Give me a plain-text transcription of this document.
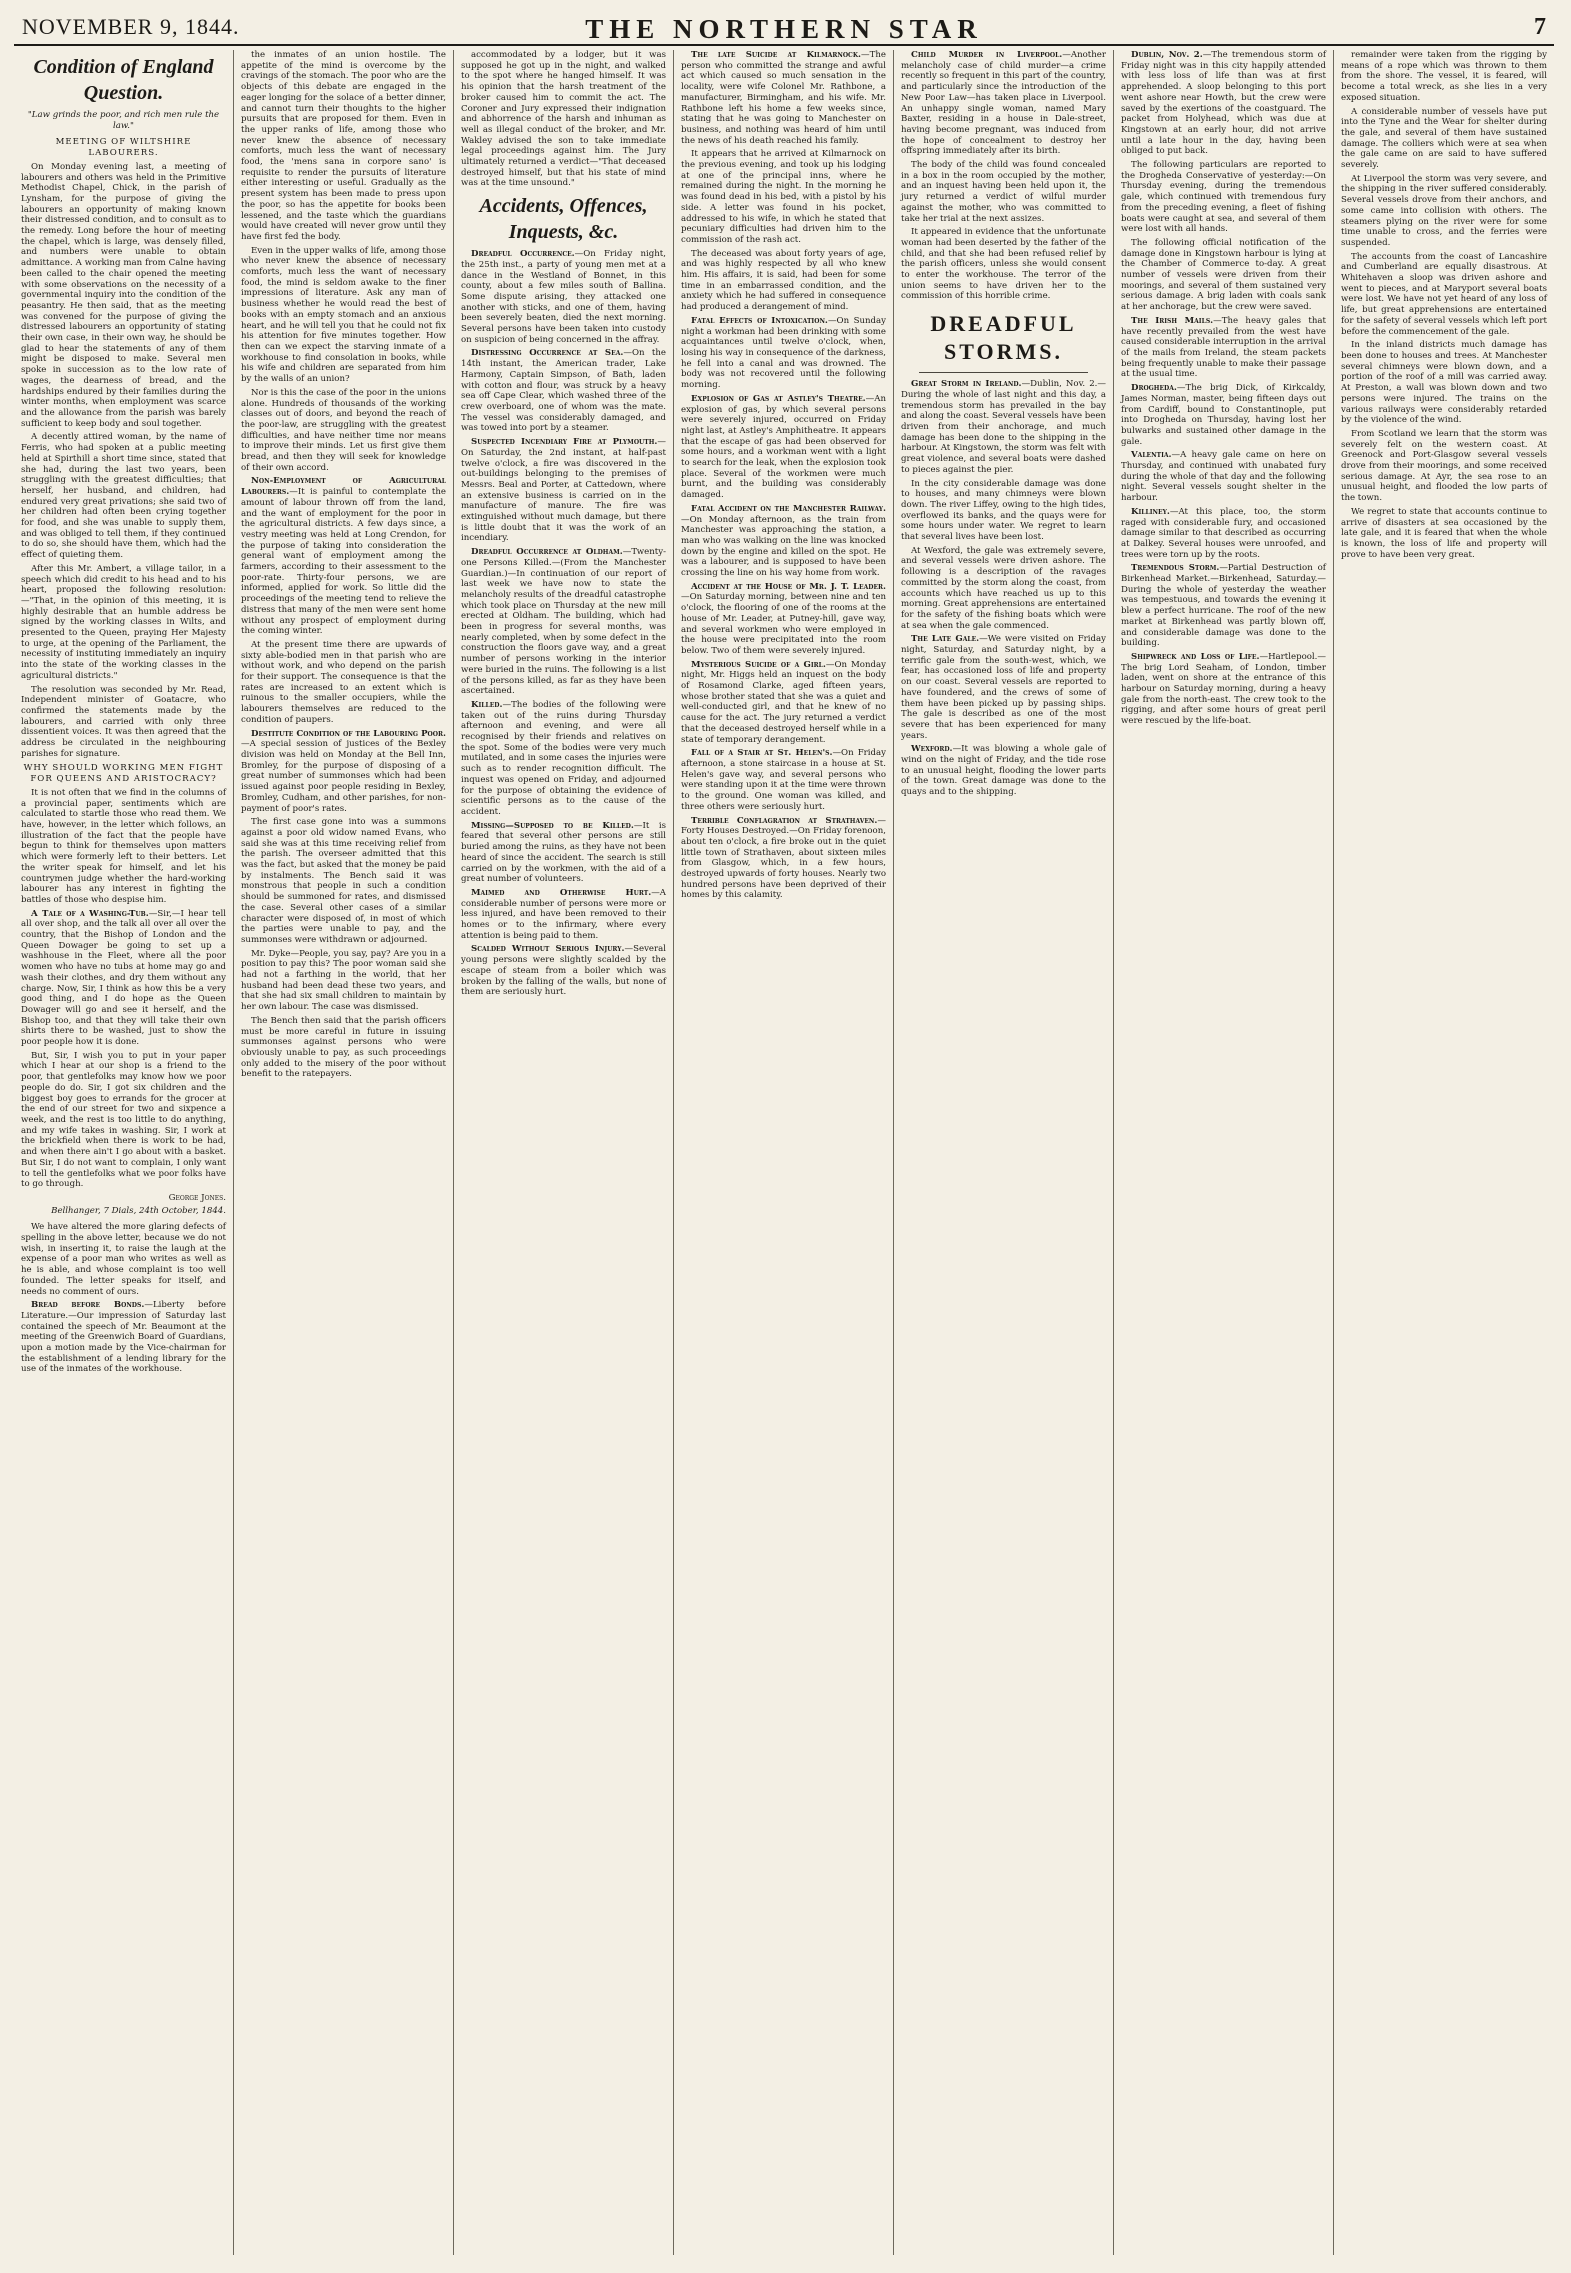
NOVEMBER 9, 1844.	THE NORTHERN STAR	7
Condition of England Question.
"Law grinds the poor, and rich men rule the law."
MEETING OF WILTSHIRE LABOURERS.

On Monday evening last, a meeting of labourers and others was held in the Primitive Methodist Chapel, Chick, in the parish of Lynsham, for the purpose of giving the labourers an opportunity of making known their distressed condition, and to consult as to the remedy. Long before the hour of meeting the chapel, which is large, was densely filled, and numbers were unable to obtain admittance. A working man from Calne having been called to the chair opened the meeting with some observations on the necessity of a governmental inquiry into the condition of the peasantry. He then said, that as the meeting was convened for the purpose of giving the distressed labourers an opportunity of stating their own case, in their own way, he should be glad to hear the statements of any of them might be disposed to make. Several men spoke in succession as to the low rate of wages, the dearness of bread, and the hardships endured by their families during the winter months, when employment was scarce and the allowance from the parish was barely sufficient to keep body and soul together.

A decently attired woman, by the name of Ferris, who had spoken at a public meeting held at Spirthill a short time since, stated that she had, during the last two years, been struggling with the greatest difficulties; that herself, her husband, and children, had endured very great privations; she said two of her children had often been crying together for food, and she was unable to supply them, and was obliged to tell them, if they continued to do so, she should have them, which had the effect of quieting them.

After this Mr. Ambert, a village tailor, in a speech which did credit to his head and to his heart, proposed the following resolution:—"That, in the opinion of this meeting, it is highly desirable that an humble address be signed by the working classes in Wilts, and presented to the Queen, praying Her Majesty to urge, at the opening of the Parliament, the necessity of instituting immediately an inquiry into the state of the working classes in the agricultural districts."

The resolution was seconded by Mr. Read, Independent minister of Goatacre, who confirmed the statements made by the labourers, and carried with only three dissentient voices. It was then agreed that the address be circulated in the neighbouring parishes for signature.

WHY SHOULD WORKING MEN FIGHT FOR QUEENS AND ARISTOCRACY?

It is not often that we find in the columns of a provincial paper, sentiments which are calculated to startle those who read them. We have, however, in the letter which follows, an illustration of the fact that the people have begun to think for themselves upon matters which were formerly left to their betters. Let the writer speak for himself, and let his countrymen judge whether the hard-working labourer has any interest in fighting the battles of those who despise him.

A Tale of a Washing-Tub.—Sir,—I hear tell all over shop, and the talk all over all over the country, that the Bishop of London and the Queen Dowager be going to set up a washhouse in the Fleet, where all the poor women who have no tubs at home may go and wash their clothes, and dry them without any charge. Now, Sir, I think as how this be a very good thing, and I do hope as the Queen Dowager will go and see it herself, and the Bishop too, and that they will take their own shirts there to be washed, just to show the poor people how it is done.

But, Sir, I wish you to put in your paper which I hear at our shop is a friend to the poor, that gentlefolks may know how we poor people do do. Sir, I got six children and the biggest boy goes to errands for the grocer at the end of our street for two and sixpence a week, and the rest is too little to do anything, and my wife takes in washing. Sir, I work at the brickfield when there is work to be had, and when there ain't I go about with a basket. But Sir, I do not want to complain, I only want to tell the gentlefolks what we poor folks have to go through.

George Jones.
Bellhanger, 7 Dials, 24th October, 1844.

We have altered the more glaring defects of spelling in the above letter, because we do not wish, in inserting it, to raise the laugh at the expense of a poor man who writes as well as he is able, and whose complaint is too well founded. The letter speaks for itself, and needs no comment of ours.

Bread before Bonds.—Liberty before Literature.—Our impression of Saturday last contained the speech of Mr. Beaumont at the meeting of the Greenwich Board of Guardians, upon a motion made by the Vice-chairman for the establishment of a lending library for the use of the inmates of the workhouse.

the inmates of an union hostile. The appetite of the mind is overcome by the cravings of the stomach. The poor who are the objects of this debate are engaged in the eager longing for the solace of a better dinner, and cannot turn their thoughts to the higher pursuits that are proposed for them. Even in the upper ranks of life, among those who never knew the absence of necessary comforts, much less the want of necessary food, the 'mens sana in corpore sano' is requisite to render the pursuits of literature either interesting or useful. Gradually as the present system has been made to press upon the poor, so has the appetite for books been lessened, and the taste which the guardians would have created will never grow until they have first fed the body.

Even in the upper walks of life, among those who never knew the absence of necessary comforts, much less the want of necessary food, the mind is seldom awake to the finer impressions of literature. Ask any man of business whether he would read the best of books with an empty stomach and an anxious heart, and he will tell you that he could not fix his attention for five minutes together. How then can we expect the starving inmate of a workhouse to find consolation in books, while his wife and children are separated from him by the walls of an union?

Nor is this the case of the poor in the unions alone. Hundreds of thousands of the working classes out of doors, and beyond the reach of the poor-law, are struggling with the greatest difficulties, and have neither time nor means to improve their minds. Let us first give them bread, and then they will seek for knowledge of their own accord.

Non-Employment of Agricultural Labourers.—It is painful to contemplate the amount of labour thrown off from the land, and the want of employment for the poor in the agricultural districts. A few days since, a vestry meeting was held at Long Crendon, for the purpose of taking into consideration the general want of employment among the farmers, according to their assessment to the poor-rate. Thirty-four persons, we are informed, applied for work. So little did the proceedings of the meeting tend to relieve the distress that many of the men were sent home without any prospect of employment during the coming winter.

At the present time there are upwards of sixty able-bodied men in that parish who are without work, and who depend on the parish for their support. The consequence is that the rates are increased to an extent which is ruinous to the smaller occupiers, while the labourers themselves are reduced to the condition of paupers.

Destitute Condition of the Labouring Poor.—A special session of justices of the Bexley division was held on Monday at the Bell Inn, Bromley, for the purpose of disposing of a great number of summonses which had been issued against poor people residing in Bexley, Bromley, Cudham, and other parishes, for non-payment of poor's rates.

The first case gone into was a summons against a poor old widow named Evans, who said she was at this time receiving relief from the parish. The overseer admitted that this was the fact, but asked that the money be paid by instalments. The Bench said it was monstrous that people in such a condition should be summoned for rates, and dismissed the case. Several other cases of a similar character were disposed of, in most of which the parties were unable to pay, and the summonses were withdrawn or adjourned.

Mr. Dyke—People, you say, pay? Are you in a position to pay this? The poor woman said she had not a farthing in the world, that her husband had been dead these two years, and that she had six small children to maintain by her own labour. The case was dismissed.

The Bench then said that the parish officers must be more careful in future in issuing summonses against persons who were obviously unable to pay, as such proceedings only added to the misery of the poor without benefit to the ratepayers.

accommodated by a lodger, but it was supposed he got up in the night, and walked to the spot where he hanged himself. It was his opinion that the harsh treatment of the broker caused him to commit the act. The Coroner and Jury expressed their indignation and abhorrence of the harsh and inhuman as well as illegal conduct of the broker, and Mr. Wakley advised the son to take immediate legal proceedings against him. The Jury ultimately returned a verdict—"That deceased destroyed himself, but that his state of mind was at the time unsound."

Accidents, Offences, Inquests, &c.

Dreadful Occurrence.—On Friday night, the 25th inst., a party of young men met at a dance in the Westland of Bonnet, in this county, about a few miles south of Ballina. Some dispute arising, they attacked one another with sticks, and one of them, having been severely beaten, died the next morning. Several persons have been taken into custody on suspicion of being concerned in the affray.

Distressing Occurrence at Sea.—On the 14th instant, the American trader, Lake Harmony, Captain Simpson, of Bath, laden with cotton and flour, was struck by a heavy sea off Cape Clear, which washed three of the crew overboard, one of whom was the mate. The vessel was considerably damaged, and was towed into port by a steamer.

Suspected Incendiary Fire at Plymouth.—On Saturday, the 2nd instant, at half-past twelve o'clock, a fire was discovered in the out-buildings belonging to the premises of Messrs. Beal and Porter, at Cattedown, where an extensive business is carried on in the manufacture of manure. The fire was extinguished without much damage, but there is little doubt that it was the work of an incendiary.

Dreadful Occurrence at Oldham.—Twenty-one Persons Killed.—(From the Manchester Guardian.)—In continuation of our report of last week we have now to state the melancholy results of the dreadful catastrophe which took place on Thursday at the new mill erected at Oldham. The building, which had been in progress for several months, was nearly completed, when by some defect in the construction the floors gave way, and a great number of persons working in the interior were buried in the ruins. The following is a list of the persons killed, as far as they have been ascertained.

Killed.—The bodies of the following were taken out of the ruins during Thursday afternoon and evening, and were all recognised by their friends and relatives on the spot. Some of the bodies were very much mutilated, and in some cases the injuries were such as to render recognition difficult. The inquest was opened on Friday, and adjourned for the purpose of obtaining the evidence of scientific persons as to the cause of the accident.

Missing—Supposed to be Killed.—It is feared that several other persons are still buried among the ruins, as they have not been heard of since the accident. The search is still carried on by the workmen, with the aid of a great number of volunteers.

Maimed and Otherwise Hurt.—A considerable number of persons were more or less injured, and have been removed to their homes or to the infirmary, where every attention is being paid to them.

Scalded Without Serious Injury.—Several young persons were slightly scalded by the escape of steam from a boiler which was broken by the falling of the walls, but none of them are seriously hurt.

The late Suicide at Kilmarnock.—The person who committed the strange and awful act which caused so much sensation in the locality, were wife Colonel Mr. Rathbone, a manufacturer, Birmingham, and his wife. Mr. Rathbone left his home a few weeks since, stating that he was going to Manchester on business, and nothing was heard of him until the news of his death reached his family.

It appears that he arrived at Kilmarnock on the previous evening, and took up his lodging at one of the principal inns, where he remained during the night. In the morning he was found dead in his bed, with a pistol by his side. A letter was found in his pocket, addressed to his wife, in which he stated that pecuniary difficulties had driven him to the commission of the rash act.

The deceased was about forty years of age, and was highly respected by all who knew him. His affairs, it is said, had been for some time in an embarrassed condition, and the anxiety which he had suffered in consequence had produced a derangement of mind.

Fatal Effects of Intoxication.—On Sunday night a workman had been drinking with some acquaintances until twelve o'clock, when, losing his way in consequence of the darkness, he fell into a canal and was drowned. The body was not recovered until the following morning.

Explosion of Gas at Astley's Theatre.—An explosion of gas, by which several persons were severely injured, occurred on Friday night last, at Astley's Amphitheatre. It appears that the escape of gas had been observed for some hours, and a workman went with a light to search for the leak, when the explosion took place. Several of the workmen were much burnt, and the building was considerably damaged.

Fatal Accident on the Manchester Railway.—On Monday afternoon, as the train from Manchester was approaching the station, a man who was walking on the line was knocked down by the engine and killed on the spot. He was a labourer, and is supposed to have been crossing the line on his way home from work.

Accident at the House of Mr. J. T. Leader.—On Saturday morning, between nine and ten o'clock, the flooring of one of the rooms at the house of Mr. Leader, at Putney-hill, gave way, and several workmen who were employed in the house were precipitated into the room below. Two of them were severely injured.

Mysterious Suicide of a Girl.—On Monday night, Mr. Higgs held an inquest on the body of Rosamond Clarke, aged fifteen years, whose brother stated that she was a quiet and well-conducted girl, and that he knew of no cause for the act. The jury returned a verdict that the deceased destroyed herself while in a state of temporary derangement.

Fall of a Stair at St. Helen's.—On Friday afternoon, a stone staircase in a house at St. Helen's gave way, and several persons who were standing upon it at the time were thrown to the ground. One woman was killed, and three others were seriously hurt.

Terrible Conflagration at Strathaven.—Forty Houses Destroyed.—On Friday forenoon, about ten o'clock, a fire broke out in the quiet little town of Strathaven, about sixteen miles from Glasgow, which, in a few hours, destroyed upwards of forty houses. Nearly two hundred persons have been deprived of their homes by this calamity.

Child Murder in Liverpool.—Another melancholy case of child murder—a crime recently so frequent in this part of the country, and particularly since the introduction of the New Poor Law—has taken place in Liverpool. An unhappy single woman, named Mary Baxter, residing in a house in Dale-street, having become pregnant, was induced from the hope of concealment to destroy her offspring immediately after its birth.

The body of the child was found concealed in a box in the room occupied by the mother, and an inquest having been held upon it, the jury returned a verdict of wilful murder against the mother, who was committed to take her trial at the next assizes.

It appeared in evidence that the unfortunate woman had been deserted by the father of the child, and that she had been refused relief by the parish officers, unless she would consent to enter the workhouse. The terror of the union seems to have driven her to the commission of this horrible crime.

DREADFUL STORMS.

Great Storm in Ireland.—Dublin, Nov. 2.—During the whole of last night and this day, a tremendous storm has prevailed in the bay and along the coast. Several vessels have been driven from their anchorage, and much damage has been done to the shipping in the harbour. At Kingstown, the storm was felt with great violence, and several boats were dashed to pieces against the pier.

In the city considerable damage was done to houses, and many chimneys were blown down. The river Liffey, owing to the high tides, overflowed its banks, and the quays were for some hours under water. We regret to learn that several lives have been lost.

At Wexford, the gale was extremely severe, and several vessels were driven ashore. The following is a description of the ravages committed by the storm along the coast, from accounts which have reached us up to this morning. Great apprehensions are entertained for the safety of the fishing boats which were at sea when the gale commenced.

The Late Gale.—We were visited on Friday night, Saturday, and Saturday night, by a terrific gale from the south-west, which, we fear, has occasioned loss of life and property on our coast. Several vessels are reported to have foundered, and the crews of some of them have been picked up by passing ships. The gale is described as one of the most severe that has been experienced for many years.

Wexford.—It was blowing a whole gale of wind on the night of Friday, and the tide rose to an unusual height, flooding the lower parts of the town. Great damage was done to the quays and to the shipping.

Dublin, Nov. 2.—The tremendous storm of Friday night was in this city happily attended with less loss of life than was at first apprehended. A sloop belonging to this port went ashore near Howth, but the crew were saved by the exertions of the coastguard. The packet from Holyhead, which was due at Kingstown at an early hour, did not arrive until a late hour in the day, having been obliged to put back.

The following particulars are reported to the Drogheda Conservative of yesterday:—On Thursday evening, during the tremendous gale, which continued with tremendous fury from the preceding evening, a fleet of fishing boats were caught at sea, and several of them were lost with all hands.

The following official notification of the damage done in Kingstown harbour is lying at the Chamber of Commerce to-day. A great number of vessels were driven from their moorings, and several of them sustained very serious damage. A brig laden with coals sank at her anchorage, but the crew were saved.

The Irish Mails.—The heavy gales that have recently prevailed from the west have caused considerable interruption in the arrival of the mails from Ireland, the steam packets being frequently unable to make their passage at the usual time.

Drogheda.—The brig Dick, of Kirkcaldy, James Norman, master, being fifteen days out from Cardiff, bound to Constantinople, put into Drogheda on Thursday, having lost her bulwarks and sustained other damage in the gale.

Valentia.—A heavy gale came on here on Thursday, and continued with unabated fury during the whole of that day and the following night. Several vessels sought shelter in the harbour.

Killiney.—At this place, too, the storm raged with considerable fury, and occasioned damage similar to that described as occurring at Dalkey. Several houses were unroofed, and trees were torn up by the roots.

Tremendous Storm.—Partial Destruction of Birkenhead Market.—Birkenhead, Saturday.—During the whole of yesterday the weather was tempestuous, and towards the evening it blew a perfect hurricane. The roof of the new market at Birkenhead was partly blown off, and considerable damage was done to the building.

Shipwreck and Loss of Life.—Hartlepool.—The brig Lord Seaham, of London, timber laden, went on shore at the entrance of this harbour on Saturday morning, during a heavy gale from the north-east. The crew took to the rigging, and after some hours of great peril were rescued by the life-boat.

remainder were taken from the rigging by means of a rope which was thrown to them from the shore. The vessel, it is feared, will become a total wreck, as she lies in a very exposed situation.

A considerable number of vessels have put into the Tyne and the Wear for shelter during the gale, and several of them have sustained damage. The colliers which were at sea when the gale came on are said to have suffered severely.

At Liverpool the storm was very severe, and the shipping in the river suffered considerably. Several vessels drove from their anchors, and some came into collision with others. The steamers plying on the river were for some time unable to cross, and the ferries were suspended.

The accounts from the coast of Lancashire and Cumberland are equally disastrous. At Whitehaven a sloop was driven ashore and went to pieces, and at Maryport several boats were lost. We have not yet heard of any loss of life, but great apprehensions are entertained for the safety of several vessels which left port before the commencement of the gale.

In the inland districts much damage has been done to houses and trees. At Manchester several chimneys were blown down, and a portion of the roof of a mill was carried away. At Preston, a wall was blown down and two persons were injured. The trains on the various railways were considerably retarded by the violence of the wind.

From Scotland we learn that the storm was severely felt on the western coast. At Greenock and Port-Glasgow several vessels drove from their moorings, and some received serious damage. At Ayr, the sea rose to an unusual height, and flooded the low parts of the town.

We regret to state that accounts continue to arrive of disasters at sea occasioned by the late gale, and it is feared that when the whole is known, the loss of life and property will prove to have been very great.
